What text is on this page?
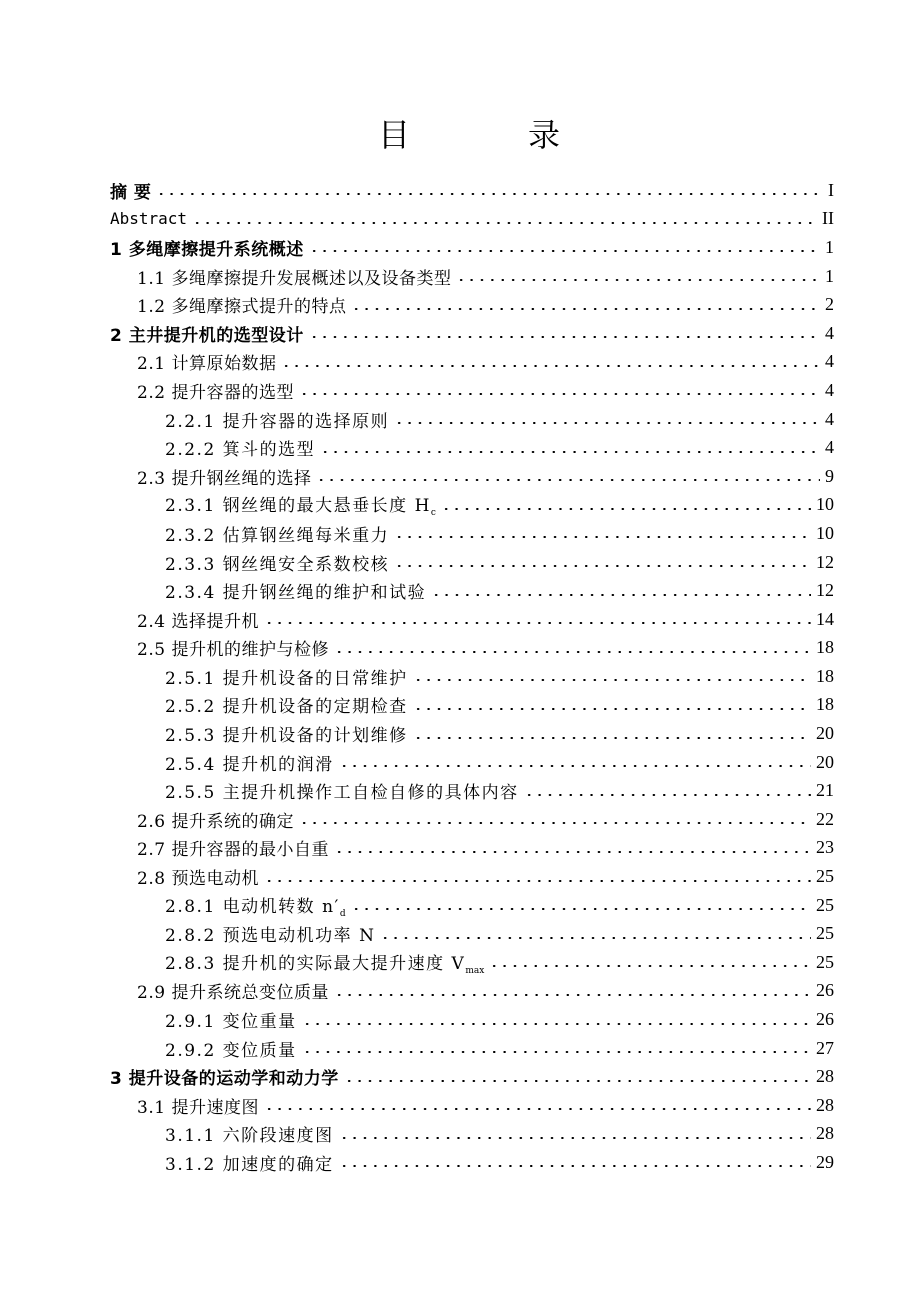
目	录
摘 要	I
Abstract	II
1 多绳摩擦提升系统概述	1
1.1 多绳摩擦提升发展概述以及设备类型	1
1.2 多绳摩擦式提升的特点	2
2 主井提升机的选型设计	4
2.1 计算原始数据	4
2.2 提升容器的选型	4
2.2.1 提升容器的选择原则	4
2.2.2 箕斗的选型	4
2.3 提升钢丝绳的选择	9
2.3.1 钢丝绳的最大悬垂长度 $H_c$	10
2.3.2 估算钢丝绳每米重力	10
2.3.3 钢丝绳安全系数校核	12
2.3.4 提升钢丝绳的维护和试验	12
2.4 选择提升机	14
2.5 提升机的维护与检修	18
2.5.1 提升机设备的日常维护	18
2.5.2 提升机设备的定期检查	18
2.5.3 提升机设备的计划维修	20
2.5.4 提升机的润滑	20
2.5.5 主提升机操作工自检自修的具体内容	21
2.6 提升系统的确定	22
2.7 提升容器的最小自重	23
2.8 预选电动机	25
2.8.1 电动机转数 $n'_d$	25
2.8.2 预选电动机功率 N	25
2.8.3 提升机的实际最大提升速度 $V_{max}$	25
2.9 提升系统总变位质量	26
2.9.1 变位重量	26
2.9.2 变位质量	27
3 提升设备的运动学和动力学	28
3.1 提升速度图	28
3.1.1 六阶段速度图	28
3.1.2 加速度的确定	29
